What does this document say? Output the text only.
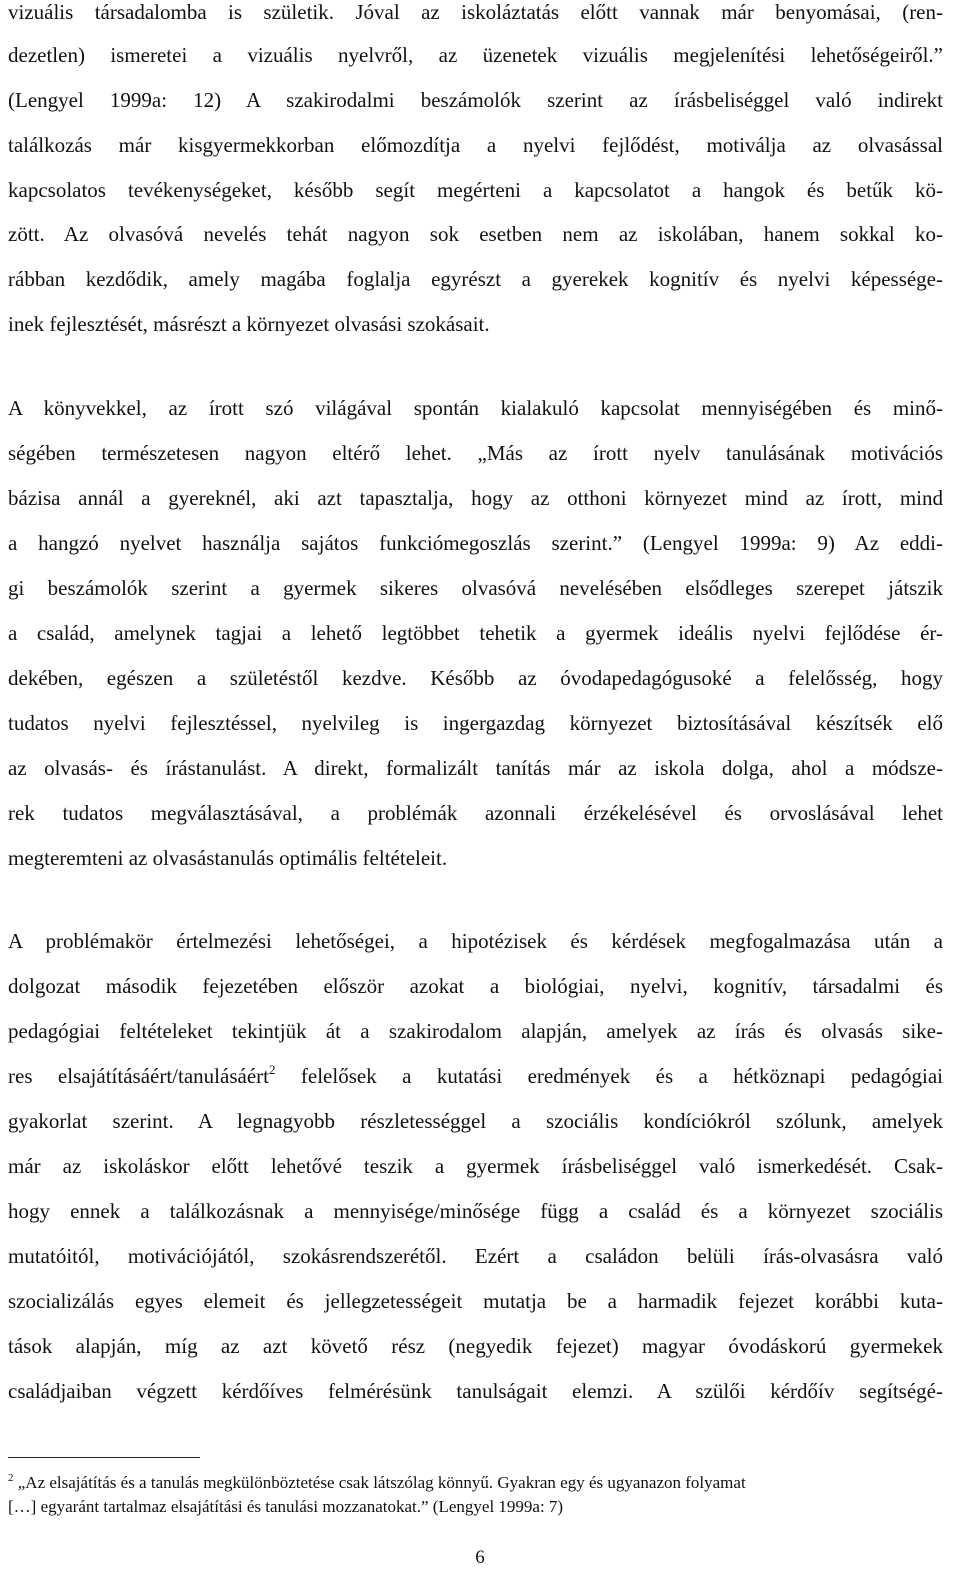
vizuális társadalomba is születik. Jóval az iskoláztatás előtt vannak már benyomásai, (ren-
dezetlen) ismeretei a vizuális nyelvről, az üzenetek vizuális megjelenítési lehetőségeiről.”
(Lengyel 1999a: 12) A szakirodalmi beszámolók szerint az írásbeliséggel való indirekt
találkozás már kisgyermekkorban előmozdítja a nyelvi fejlődést, motiválja az olvasással
kapcsolatos tevékenységeket, később segít megérteni a kapcsolatot a hangok és betűk kö-
zött. Az olvasóvá nevelés tehát nagyon sok esetben nem az iskolában, hanem sokkal ko-
rábban kezdődik, amely magába foglalja egyrészt a gyerekek kognitív és nyelvi képessége-
inek fejlesztését, másrészt a környezet olvasási szokásait.
A könyvekkel, az írott szó világával spontán kialakuló kapcsolat mennyiségében és minő-
ségében természetesen nagyon eltérő lehet. „Más az írott nyelv tanulásának motivációs
bázisa annál a gyereknél, aki azt tapasztalja, hogy az otthoni környezet mind az írott, mind
a hangzó nyelvet használja sajátos funkciómegoszlás szerint.” (Lengyel 1999a: 9) Az eddi-
gi beszámolók szerint a gyermek sikeres olvasóvá nevelésében elsődleges szerepet játszik
a család, amelynek tagjai a lehető legtöbbet tehetik a gyermek ideális nyelvi fejlődése ér-
dekében, egészen a születéstől kezdve. Később az óvodapedagógusoké a felelősség, hogy
tudatos nyelvi fejlesztéssel, nyelvileg is ingergazdag környezet biztosításával készítsék elő
az olvasás- és írástanulást. A direkt, formalizált tanítás már az iskola dolga, ahol a módsze-
rek tudatos megválasztásával, a problémák azonnali érzékelésével és orvoslásával lehet
megteremteni az olvasástanulás optimális feltételeit.
A problémakör értelmezési lehetőségei, a hipotézisek és kérdések megfogalmazása után a
dolgozat második fejezetében először azokat a biológiai, nyelvi, kognitív, társadalmi és
pedagógiai feltételeket tekintjük át a szakirodalom alapján, amelyek az írás és olvasás sike-
res elsajátításáért/tanulásáért$^2$ felelősek a kutatási eredmények és a hétköznapi pedagógiai
gyakorlat szerint. A legnagyobb részletességgel a szociális kondíciókról szólunk, amelyek
már az iskoláskor előtt lehetővé teszik a gyermek írásbeliséggel való ismerkedését. Csak-
hogy ennek a találkozásnak a mennyisége/minősége függ a család és a környezet szociális
mutatóitól, motivációjától, szokásrendszerétől. Ezért a családon belüli írás-olvasásra való
szocializálás egyes elemeit és jellegzetességeit mutatja be a harmadik fejezet korábbi kuta-
tások alapján, míg az azt követő rész (negyedik fejezet) magyar óvodáskorú gyermekek
családjaiban végzett kérdőíves felmérésünk tanulságait elemzi. A szülői kérdőív segítségé-
$^2$ „Az elsajátítás és a tanulás megkülönböztetése csak látszólag könnyű. Gyakran egy és ugyanazon folyamat
[…] egyaránt tartalmaz elsajátítási és tanulási mozzanatokat.” (Lengyel 1999a: 7)
6
